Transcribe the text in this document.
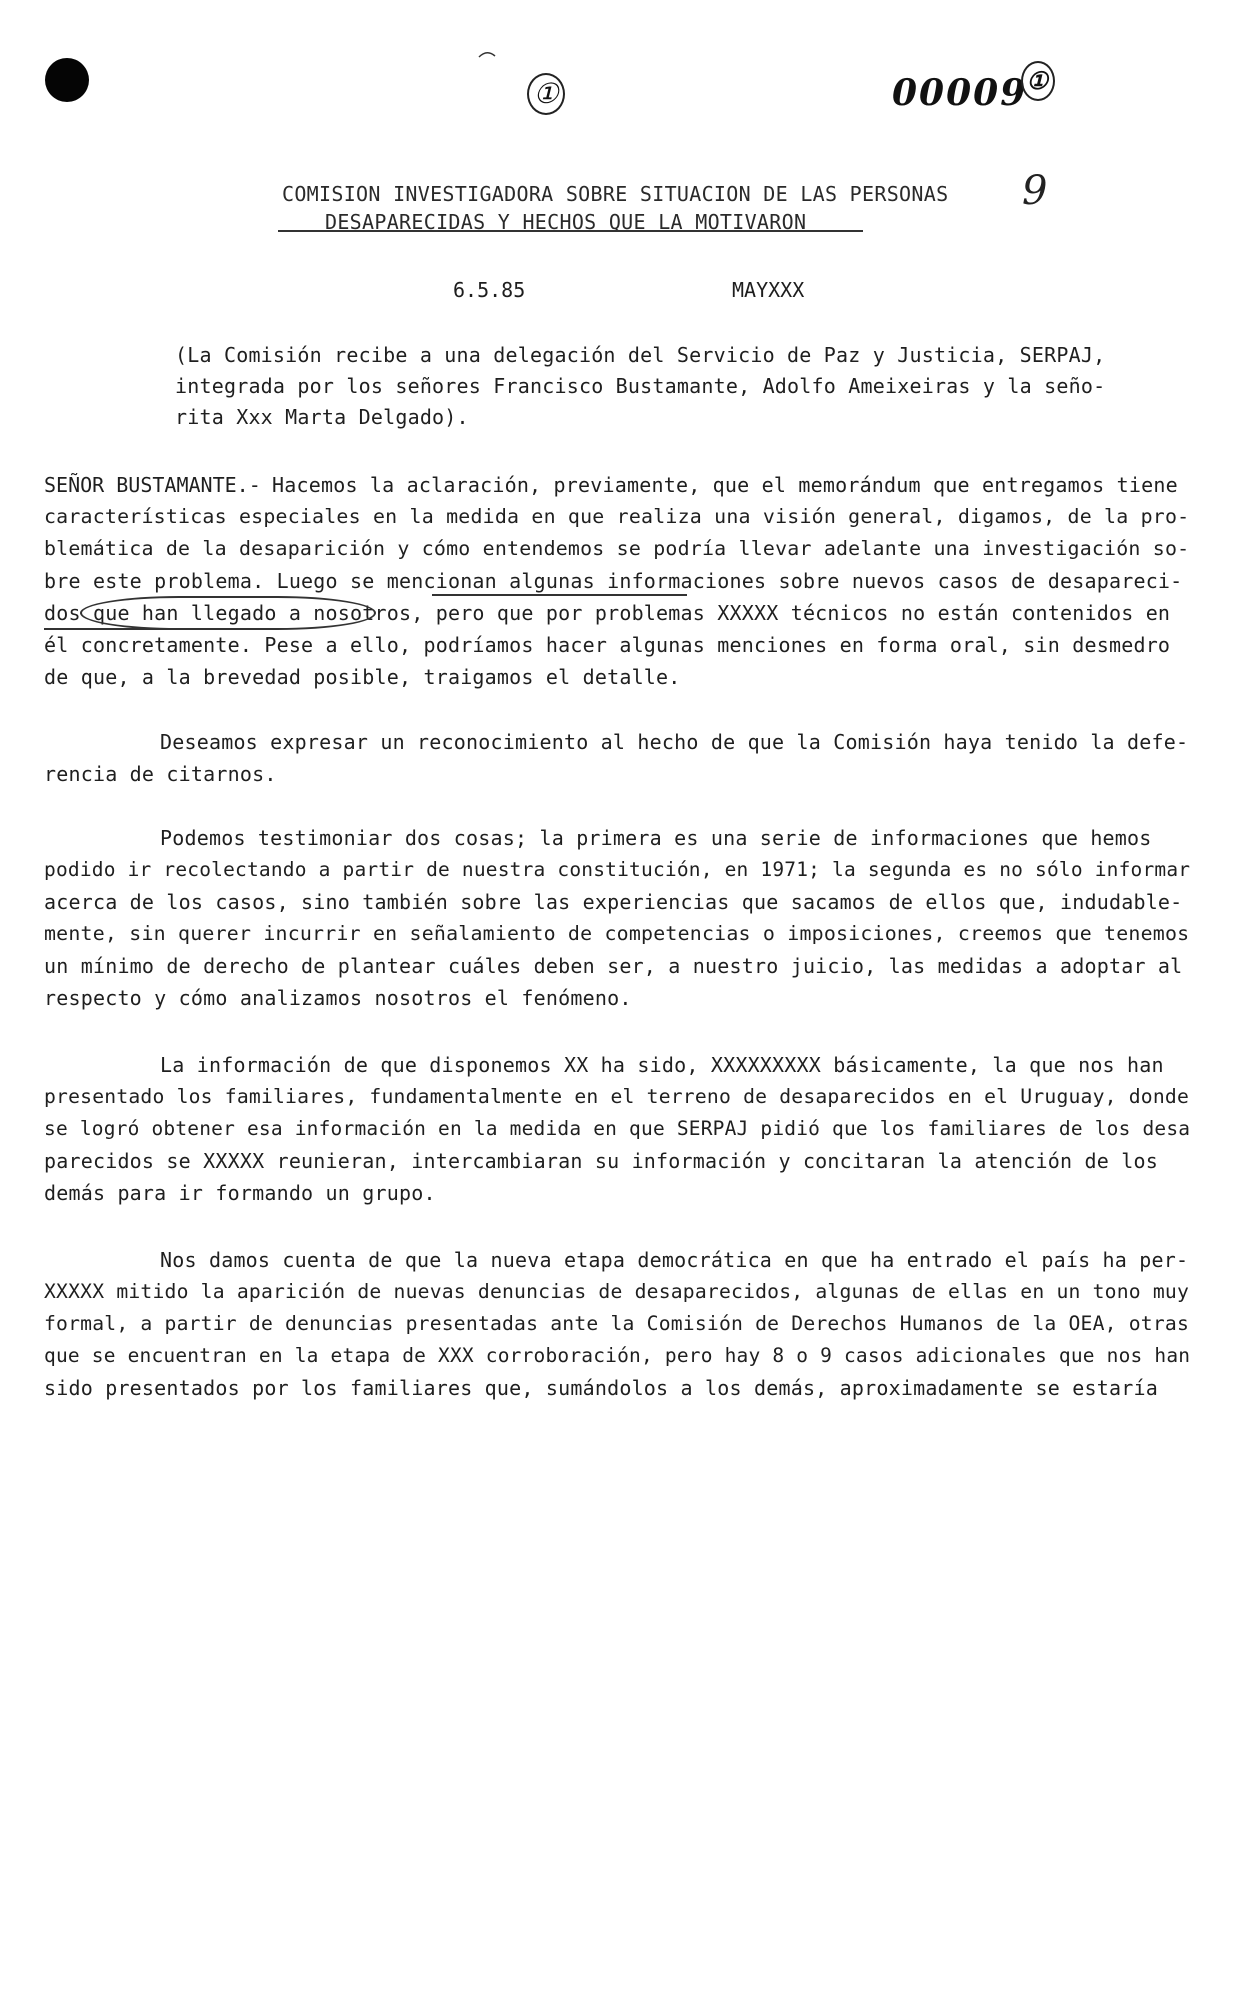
①	00009①
9
COMISION INVESTIGADORA SOBRE SITUACION DE LAS PERSONAS
DESAPARECIDAS Y HECHOS QUE LA MOTIVARON
6.5.85	MAYXXX
(La Comisión recibe a una delegación del Servicio de Paz y Justicia, SERPAJ,
integrada por los señores Francisco Bustamante, Adolfo Ameixeiras y la seño-
rita Xxx Marta Delgado).
SEÑOR BUSTAMANTE.- Hacemos la aclaración, previamente, que el memorándum que entregamos tiene
características especiales en la medida en que realiza una visión general, digamos, de la pro-
blemática de la desaparición y cómo entendemos se podría llevar adelante una investigación so-
bre este problema. Luego se mencionan algunas informaciones sobre nuevos casos de desapareci-
dos que han llegado a nosotros, pero que por problemas XXXXX técnicos no están contenidos en
él concretamente. Pese a ello, podríamos hacer algunas menciones en forma oral, sin desmedro
de que, a la brevedad posible, traigamos el detalle.
Deseamos expresar un reconocimiento al hecho de que la Comisión haya tenido la defe-
rencia de citarnos.
Podemos testimoniar dos cosas; la primera es una serie de informaciones que hemos
podido ir recolectando a partir de nuestra constitución, en 1971; la segunda es no sólo informar
acerca de los casos, sino también sobre las experiencias que sacamos de ellos que, indudable-
mente, sin querer incurrir en señalamiento de competencias o imposiciones, creemos que tenemos
un mínimo de derecho de plantear cuáles deben ser, a nuestro juicio, las medidas a adoptar al
respecto y cómo analizamos nosotros el fenómeno.
La información de que disponemos XX ha sido, XXXXXXXXX básicamente, la que nos han
presentado los familiares, fundamentalmente en el terreno de desaparecidos en el Uruguay, donde
se logró obtener esa información en la medida en que SERPAJ pidió que los familiares de los desa
parecidos se XXXXX reunieran, intercambiaran su información y concitaran la atención de los
demás para ir formando un grupo.
Nos damos cuenta de que la nueva etapa democrática en que ha entrado el país ha per-
XXXXX mitido la aparición de nuevas denuncias de desaparecidos, algunas de ellas en un tono muy
formal, a partir de denuncias presentadas ante la Comisión de Derechos Humanos de la OEA, otras
que se encuentran en la etapa de XXX corroboración, pero hay 8 o 9 casos adicionales que nos han
sido presentados por los familiares que, sumándolos a los demás, aproximadamente se estaría
